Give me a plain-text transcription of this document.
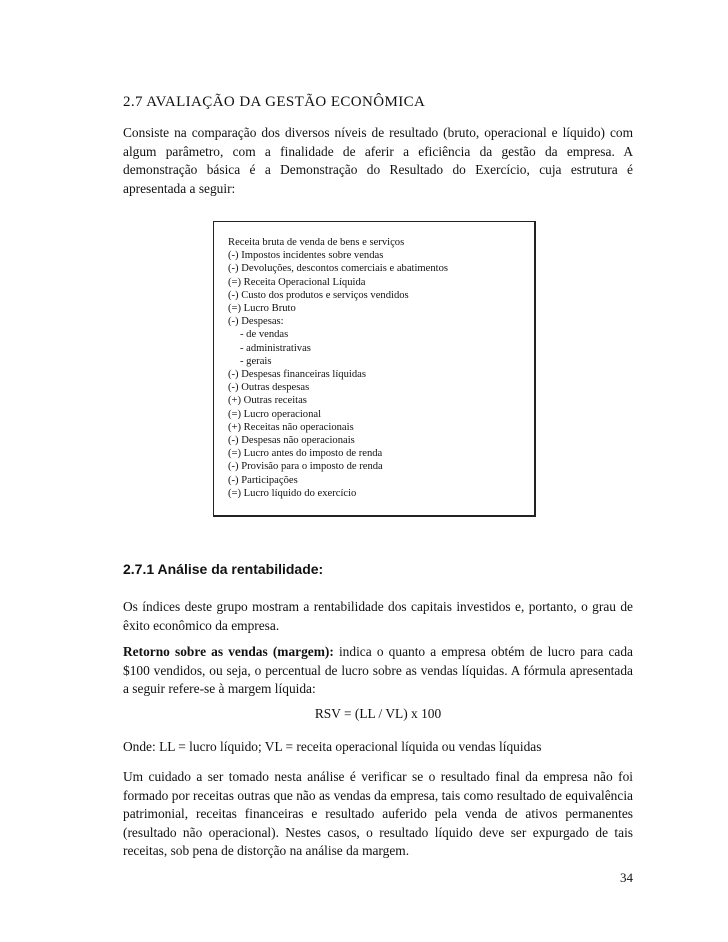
2.7 AVALIAÇÃO DA GESTÃO ECONÔMICA

Consiste na comparação dos diversos níveis de resultado (bruto, operacional e líquido) com algum parâmetro, com a finalidade de aferir a eficiência da gestão da empresa. A demonstração básica é a Demonstração do Resultado do Exercício, cuja estrutura é apresentada a seguir:

Receita bruta de venda de bens e serviços
(-) Impostos incidentes sobre vendas
(-) Devoluções, descontos comerciais e abatimentos
(=) Receita Operacional Líquida
(-) Custo dos produtos e serviços vendidos
(=) Lucro Bruto
(-) Despesas:
- de vendas
- administrativas
- gerais
(-) Despesas financeiras líquidas
(-) Outras despesas
(+) Outras receitas
(=) Lucro operacional
(+) Receitas não operacionais
(-) Despesas não operacionais
(=) Lucro antes do imposto de renda
(-) Provisão para o imposto de renda
(-) Participações
(=) Lucro líquido do exercício
2.7.1 Análise da rentabilidade:

Os índices deste grupo mostram a rentabilidade dos capitais investidos e, portanto, o grau de êxito econômico da empresa.

Retorno sobre as vendas (margem): indica o quanto a empresa obtém de lucro para cada $100 vendidos, ou seja, o percentual de lucro sobre as vendas líquidas. A fórmula apresentada a seguir refere-se à margem líquida:

RSV = (LL / VL) x 100

Onde: LL = lucro líquido; VL = receita operacional líquida ou vendas líquidas

Um cuidado a ser tomado nesta análise é verificar se o resultado final da empresa não foi formado por receitas outras que não as vendas da empresa, tais como resultado de equivalência patrimonial, receitas financeiras e resultado auferido pela venda de ativos permanentes (resultado não operacional). Nestes casos, o resultado líquido deve ser expurgado de tais receitas, sob pena de distorção na análise da margem.

34
